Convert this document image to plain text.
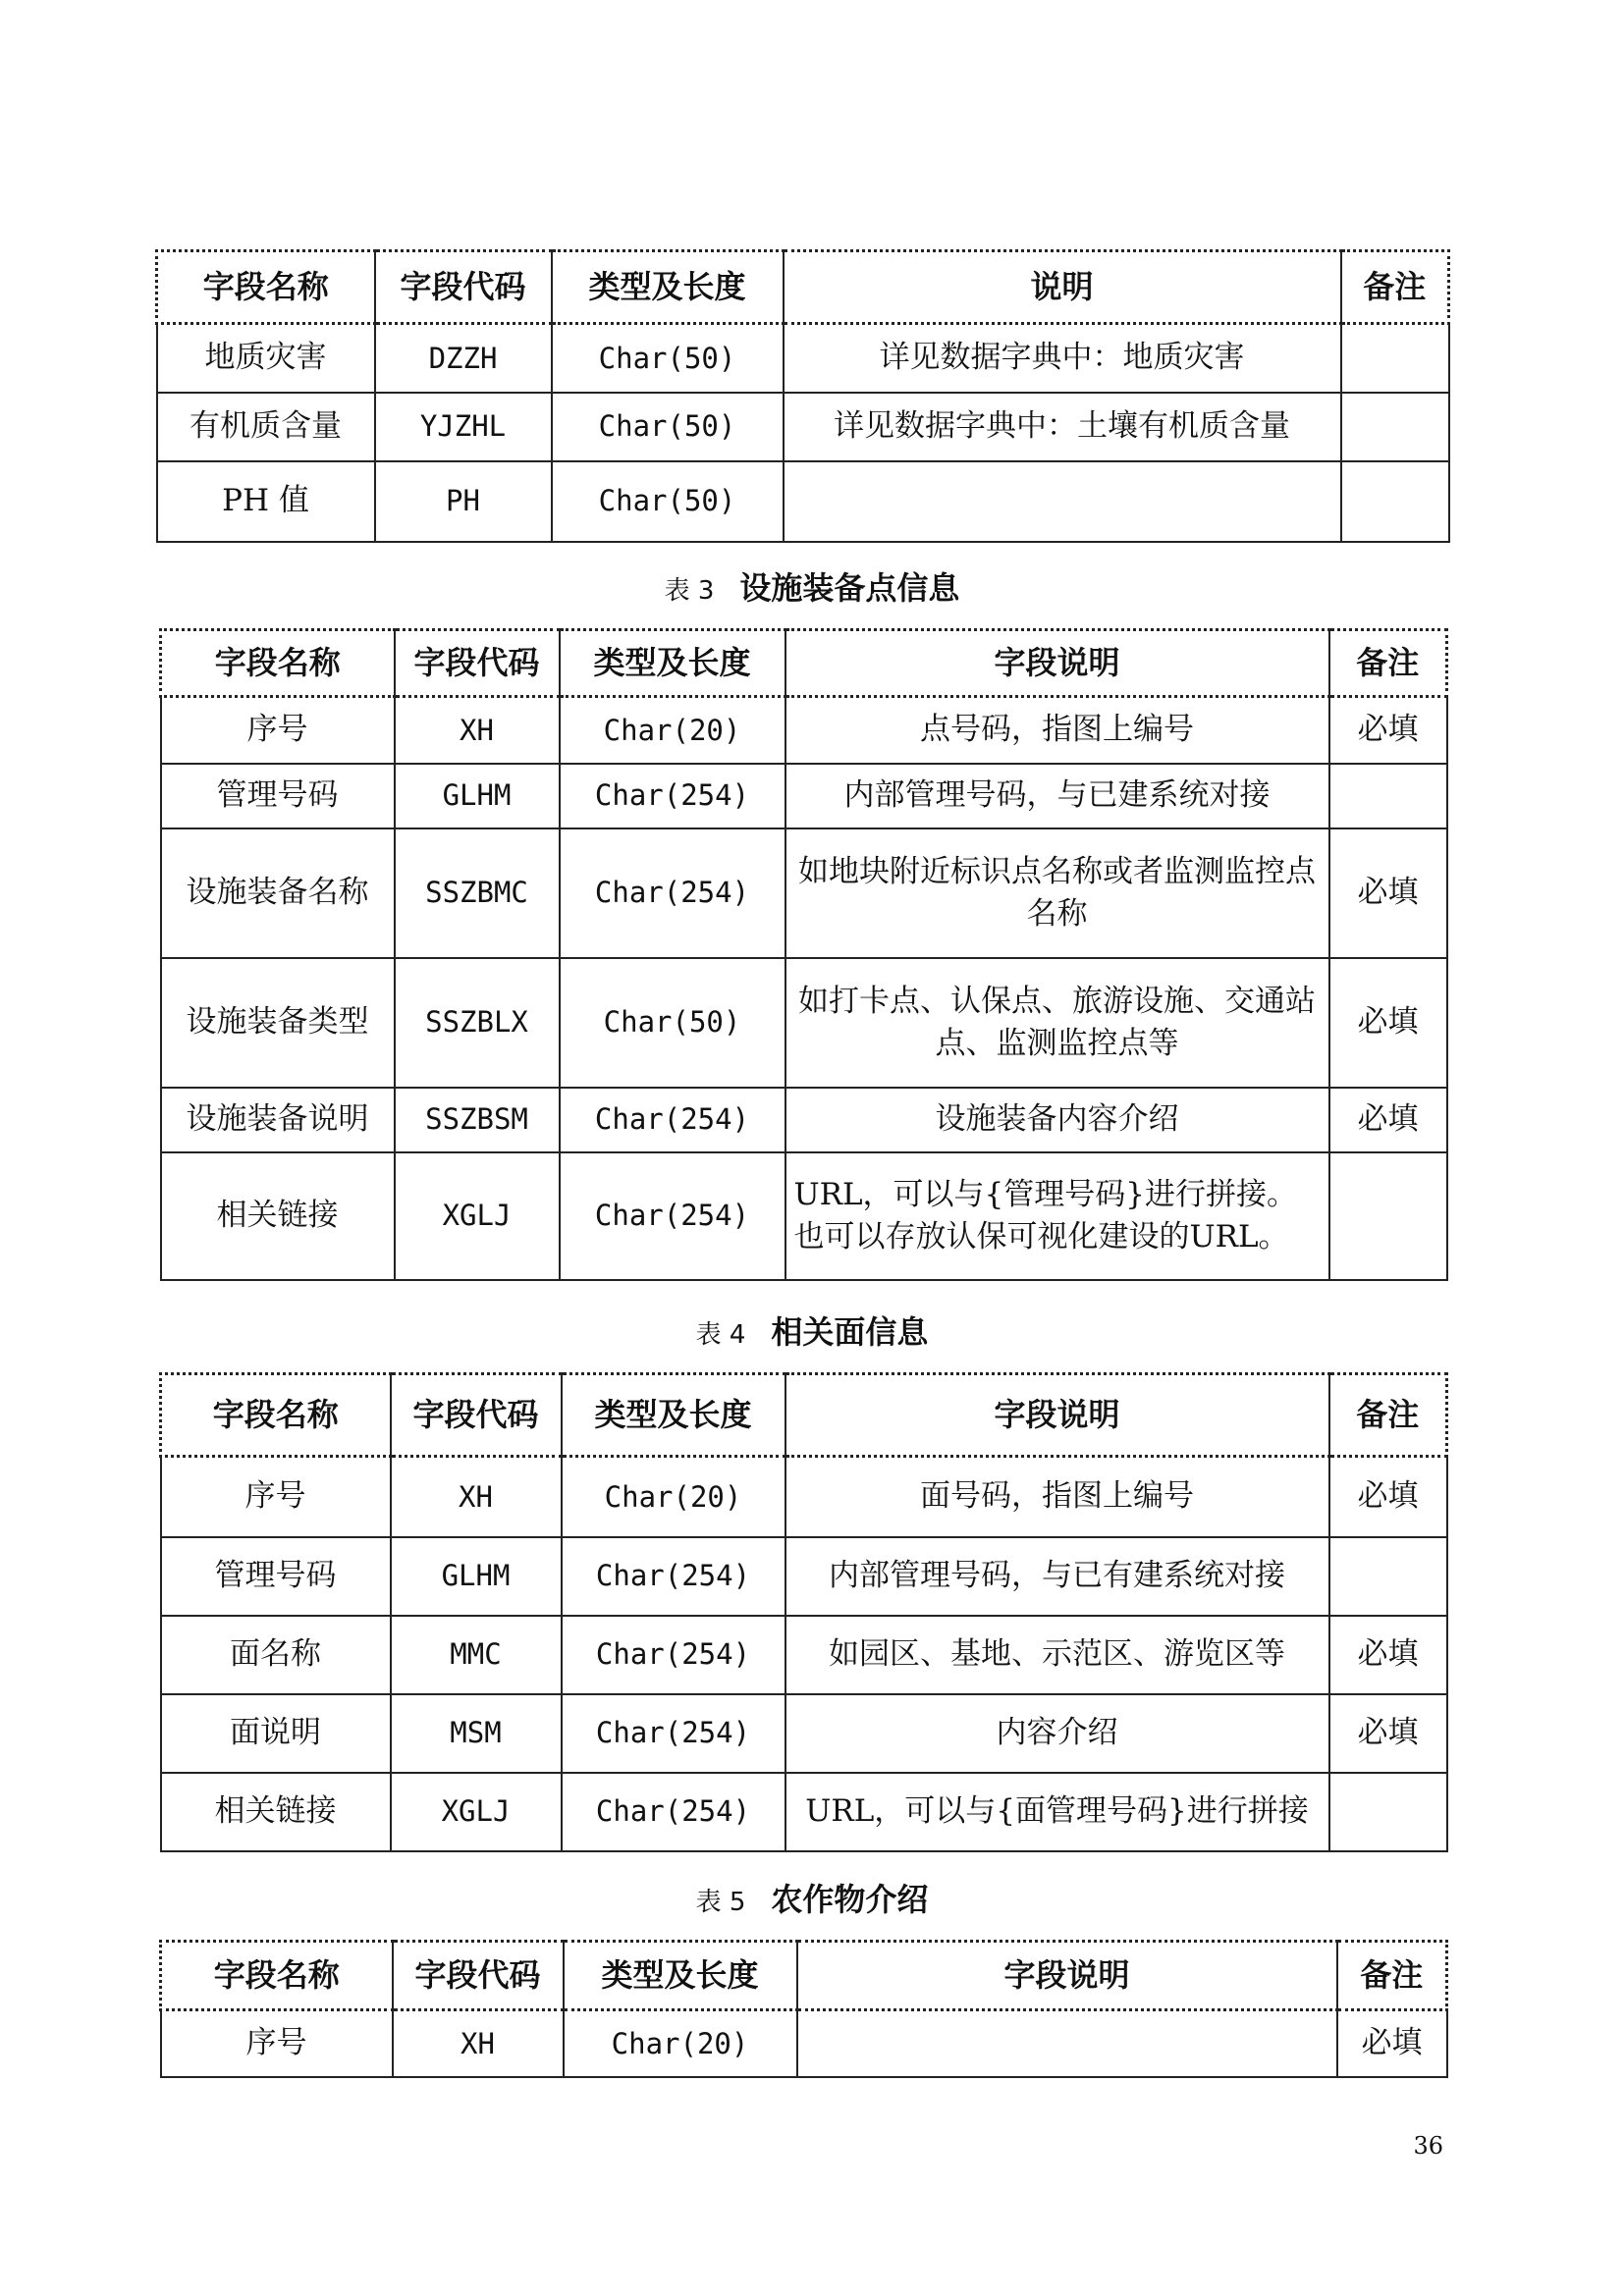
字段名称	字段代码	类型及长度	说明	备注
地质灾害	DZZH	Char(50)	详见数据字典中：地质灾害	
有机质含量	YJZHL	Char(50)	详见数据字典中：土壤有机质含量	
PH 值	PH	Char(50)		
表 3 设施装备点信息
字段名称	字段代码	类型及长度	字段说明	备注
序号	XH	Char(20)	点号码，指图上编号	必填
管理号码	GLHM	Char(254)	内部管理号码，与已建系统对接	
设施装备名称	SSZBMC	Char(254)	如地块附近标识点名称或者监测监控点名称	必填
设施装备类型	SSZBLX	Char(50)	如打卡点、认保点、旅游设施、交通站点、监测监控点等	必填
设施装备说明	SSZBSM	Char(254)	设施装备内容介绍	必填
相关链接	XGLJ	Char(254)	URL，可以与{管理号码}进行拼接。也可以存放认保可视化建设的URL。	
表 4 相关面信息
字段名称	字段代码	类型及长度	字段说明	备注
序号	XH	Char(20)	面号码，指图上编号	必填
管理号码	GLHM	Char(254)	内部管理号码，与已有建系统对接	
面名称	MMC	Char(254)	如园区、基地、示范区、游览区等	必填
面说明	MSM	Char(254)	内容介绍	必填
相关链接	XGLJ	Char(254)	URL，可以与{面管理号码}进行拼接	
表 5 农作物介绍
字段名称	字段代码	类型及长度	字段说明	备注
序号	XH	Char(20)		必填
36
